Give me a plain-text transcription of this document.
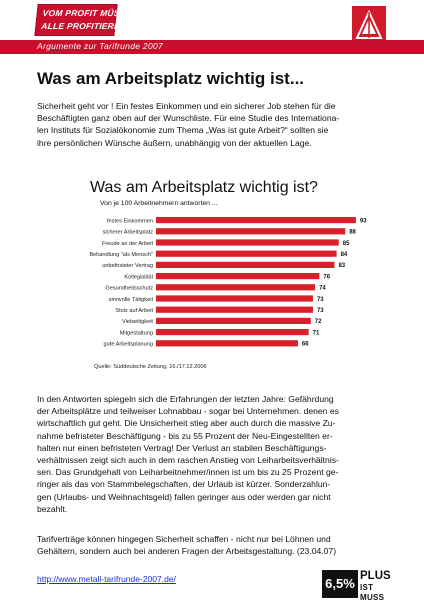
VOM PROFIT MÜSSEN
ALLE PROFITIEREN.
Argumente zur Tarifrunde 2007
Was am Arbeitsplatz wichtig ist...
Sicherheit geht vor ! Ein festes Einkommen und ein sicherer Job stehen für die
Beschäftigten ganz oben auf der Wunschliste. Für eine Studie des Internationa-
len Instituts für Sozialökonomie zum Thema „Was ist gute Arbeit?“ sollten sie
ihre persönlichen Wünsche äußern, unabhängig von der aktuellen Lage.
Was am Arbeitsplatz wichtig ist?
Von je 100 Arbeitnehmern antworten ...
festes Einkommen	93
sicherer Arbeitsplatz	88
Freude an der Arbeit	85
Behandlung "als Mensch"	84
unbefristeter Vertrag	83
Kollegialität	76
Gesundheitsschutz	74
sinnvolle Tätigkeit	73
Stolz auf Arbeit	73
Vielseitigkeit	72
Mitgestaltung	71
gute Arbeitsplanung	66
Quelle: Süddeutsche Zeitung, 16./17.12.2006
In den Antworten spiegeln sich die Erfahrungen der letzten Jahre: Gefährdung
der Arbeitsplätze und teilweiser Lohnabbau - sogar bei Unternehmen. denen es
wirtschaftlich gut geht. Die Unsicherheit stieg aber auch durch die massive Zu-
nahme befristeter Beschäftigung - bis zu 55 Prozent der Neu-Eingestellten er-
halten nur einen befristeten Vertrag! Der Verlust an stabilen Beschäftigungs-
verhältnissen zeigt sich auch in dem raschen Anstieg von Leiharbeitsverhältnis-
sen. Das Grundgehalt von Leiharbeitnehmer/innen ist um bis zu 25 Prozent ge-
ringer als das von Stammbelegschaften, der Urlaub ist kürzer. Sonderzahlun-
gen (Urlaubs- und Weihnachtsgeld) fallen geringer aus oder werden gar nicht
bezahlt.
Tarifverträge können hingegen Sicherheit schaffen - nicht nur bei Löhnen und
Gehältern, sondern auch bei anderen Fragen der Arbeitsgestaltung. (23.04.07)
http://www.metall-tarifrunde-2007.de/	6,5% PLUS
IST MUSS
